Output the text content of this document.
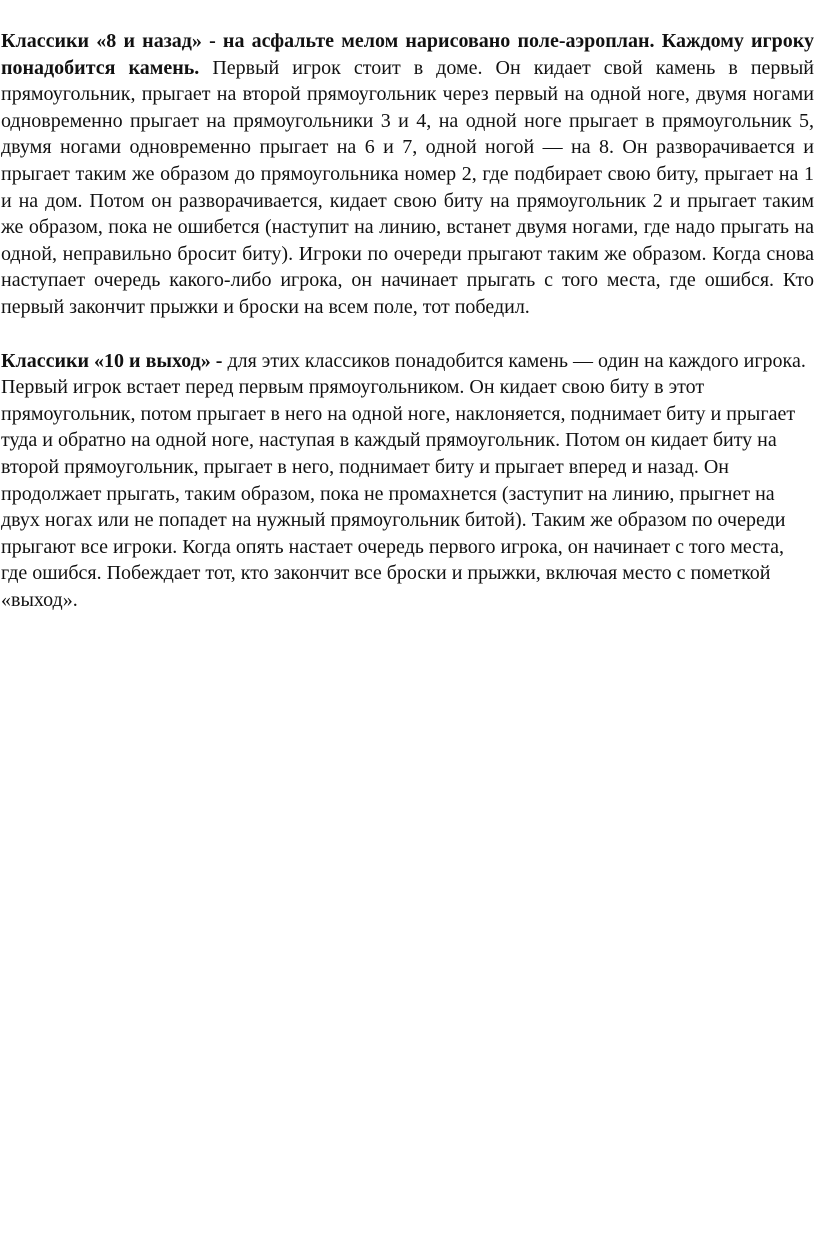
Классики «8 и назад» - на асфальте мелом нарисовано поле-аэроплан. Каждому игроку понадобится камень. Первый игрок стоит в доме. Он кидает свой камень в первый прямоугольник, прыгает на второй прямоугольник через первый на одной ноге, двумя ногами одновременно прыгает на прямоугольники 3 и 4, на одной ноге прыгает в прямоугольник 5, двумя ногами одновременно прыгает на 6 и 7, одной ногой — на 8. Он разворачивается и прыгает таким же образом до прямоугольника номер 2, где подбирает свою биту, прыгает на 1 и на дом. Потом он разворачивается, кидает свою биту на прямоугольник 2 и прыгает таким же образом, пока не ошибется (наступит на линию, встанет двумя ногами, где надо прыгать на одной, неправильно бросит биту). Игроки по очереди прыгают таким же образом. Когда снова наступает очередь какого-либо игрока, он начинает прыгать с того места, где ошибся. Кто первый закончит прыжки и броски на всем поле, тот победил.

Классики «10 и выход» - для этих классиков понадобится камень — один на каждого игрока. Первый игрок встает перед первым прямоугольником. Он кидает свою биту в этот прямоугольник, потом прыгает в него на одной ноге, наклоняется, поднимает биту и прыгает туда и обратно на одной ноге, наступая в каждый прямоугольник. Потом он кидает биту на второй прямоугольник, прыгает в него, поднимает биту и прыгает вперед и назад. Он продолжает прыгать, таким образом, пока не промахнется (заступит на линию, прыгнет на двух ногах или не попадет на нужный прямоугольник битой). Таким же образом по очереди прыгают все игроки. Когда опять настает очередь первого игрока, он начинает с того места, где ошибся. Побеждает тот, кто закончит все броски и прыжки, включая место с пометкой «выход».
